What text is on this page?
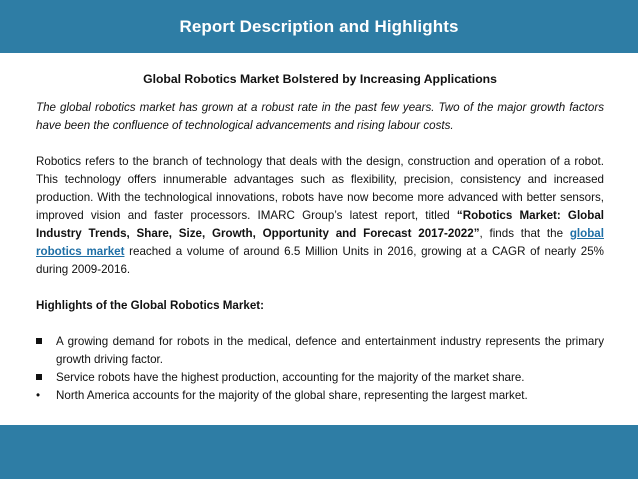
Report Description and Highlights
Global Robotics Market Bolstered by Increasing Applications

The global robotics market has grown at a robust rate in the past few years. Two of the major growth factors have been the confluence of technological advancements and rising labour costs.

Robotics refers to the branch of technology that deals with the design, construction and operation of a robot. This technology offers innumerable advantages such as flexibility, precision, consistency and increased production. With the technological innovations, robots have now become more advanced with better sensors, improved vision and faster processors. IMARC Group’s latest report, titled “Robotics Market: Global Industry Trends, Share, Size, Growth, Opportunity and Forecast 2017-2022”, finds that the global robotics market reached a volume of around 6.5 Million Units in 2016, growing at a CAGR of nearly 25% during 2009-2016.

Highlights of the Global Robotics Market:
A growing demand for robots in the medical, defence and entertainment industry represents the primary growth driving factor.
Service robots have the highest production, accounting for the majority of the market share.
•	North America accounts for the majority of the global share, representing the largest market.
